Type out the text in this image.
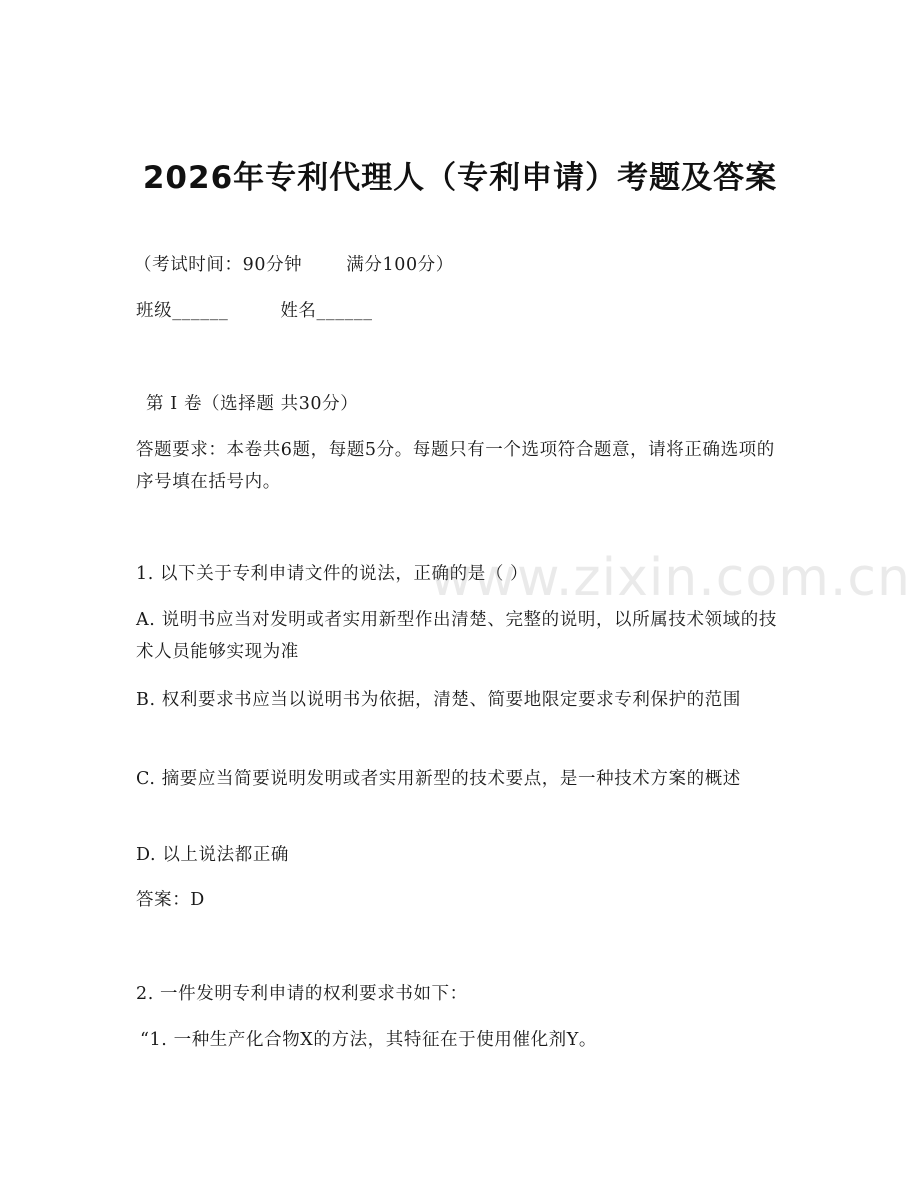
2026年专利代理人（专利申请）考题及答案
（考试时间：90分钟	满分100分）
班级______	姓名______
第 I 卷（选择题 共30分）
答题要求：本卷共6题，每题5分。每题只有一个选项符合题意，请将正确选项的序号填在括号内。
1. 以下关于专利申请文件的说法，正确的是（ ）
A. 说明书应当对发明或者实用新型作出清楚、完整的说明，以所属技术领域的技术人员能够实现为准
B. 权利要求书应当以说明书为依据，清楚、简要地限定要求专利保护的范围
C. 摘要应当简要说明发明或者实用新型的技术要点，是一种技术方案的概述
D. 以上说法都正确
答案：D
2. 一件发明专利申请的权利要求书如下：
“1. 一种生产化合物X的方法，其特征在于使用催化剂Y。
www.zixin.com.cn
